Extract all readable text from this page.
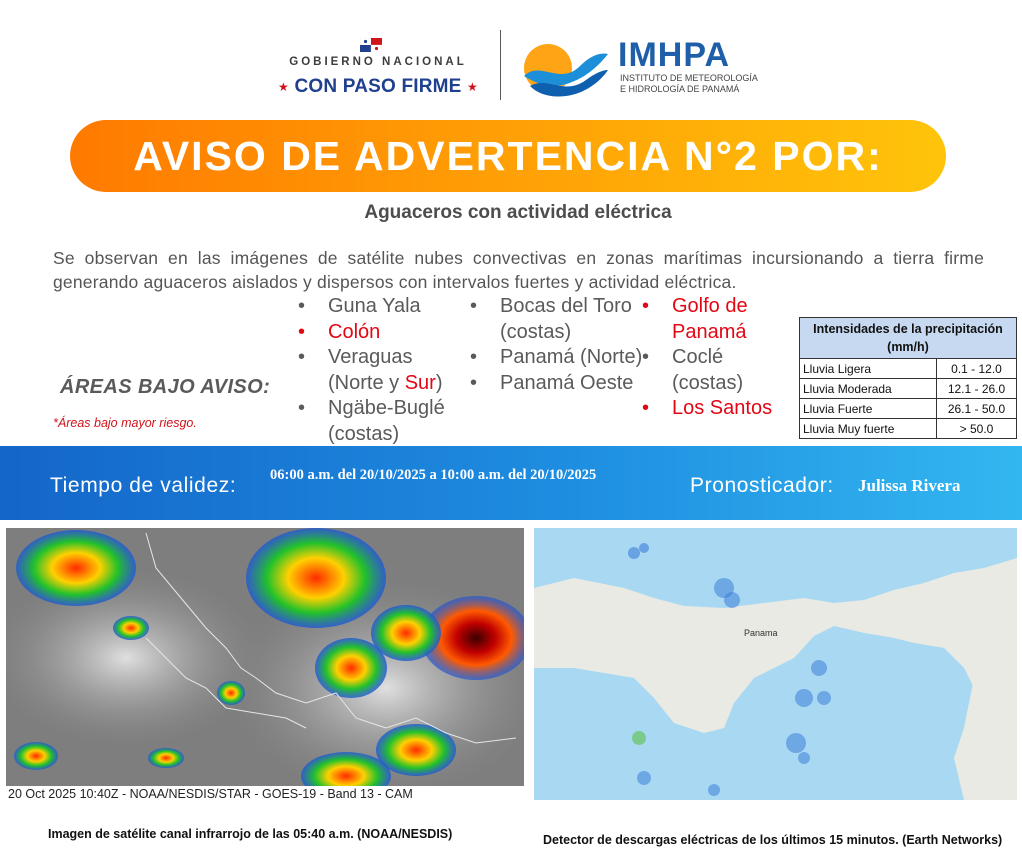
GOBIERNO NACIONAL
★ CON PASO FIRME ★
IMHPA
INSTITUTO DE METEOROLOGÍA
E HIDROLOGÍA DE PANAMÁ
AVISO DE ADVERTENCIA N°2 POR:
Aguaceros con actividad eléctrica
Se observan en las imágenes de satélite nubes convectivas en zonas marítimas incursionando a tierra firme generando aguaceros aislados y dispersos con intervalos fuertes y actividad eléctrica.
ÁREAS BAJO AVISO:
*Áreas bajo mayor riesgo.
• Guna Yala
• Colón
• Veraguas (Norte y Sur)
• Ngäbe-Buglé (costas)
• Bocas del Toro (costas)
• Panamá (Norte)
• Panamá Oeste
• Golfo de Panamá
• Coclé (costas)
• Los Santos
Intensidades de la precipitación (mm/h)	
Lluvia Ligera	0.1 - 12.0
Lluvia Moderada	12.1 - 26.0
Lluvia Fuerte	26.1 - 50.0
Lluvia Muy fuerte	> 50.0
Tiempo de validez: 06:00 a.m. del 20/10/2025 a 10:00 a.m. del 20/10/2025	Pronosticador: Julissa Rivera
20 Oct 2025 10:40Z - NOAA/NESDIS/STAR - GOES-19 - Band 13 - CAM
Panama
Imagen de satélite canal infrarrojo de las 05:40 a.m. (NOAA/NESDIS)	Detector de descargas eléctricas de los últimos 15 minutos. (Earth Networks)
